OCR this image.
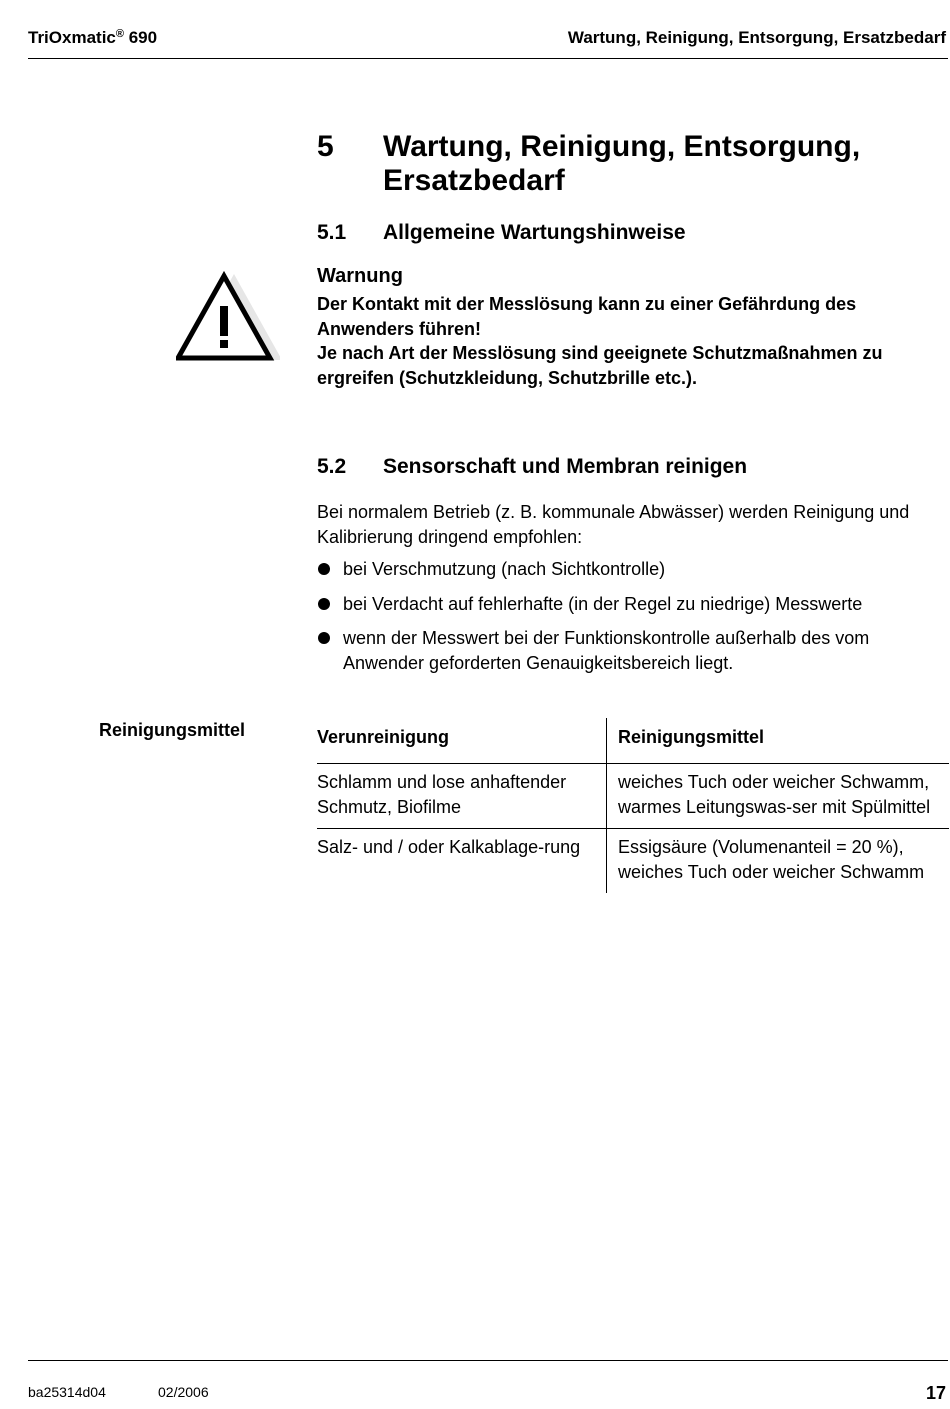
TriOxmatic® 690	Wartung, Reinigung, Entsorgung, Ersatzbedarf
5 Wartung, Reinigung, Entsorgung, Ersatzbedarf
5.1 Allgemeine Wartungshinweise
Warnung

Der Kontakt mit der Messlösung kann zu einer Gefährdung des Anwenders führen!

Je nach Art der Messlösung sind geeignete Schutzmaßnahmen zu ergreifen (Schutzkleidung, Schutzbrille etc.).

5.2 Sensorschaft und Membran reinigen
Bei normalem Betrieb (z. B. kommunale Abwässer) werden Reinigung und Kalibrierung dringend empfohlen:
bei Verschmutzung (nach Sichtkontrolle)
bei Verdacht auf fehlerhafte (in der Regel zu niedrige) Messwerte
wenn der Messwert bei der Funktionskontrolle außerhalb des vom Anwender geforderten Genauigkeitsbereich liegt.
Reinigungsmittel	Verunreinigung	Reinigungsmittel
Schlamm und lose anhaftender Schmutz, Biofilme	weiches Tuch oder weicher Schwamm, warmes Leitungswas-ser mit Spülmittel
Salz- und / oder Kalkablage-rung	Essigsäure (Volumenanteil = 20 %), weiches Tuch oder weicher Schwamm
ba25314d04	02/2006	17
